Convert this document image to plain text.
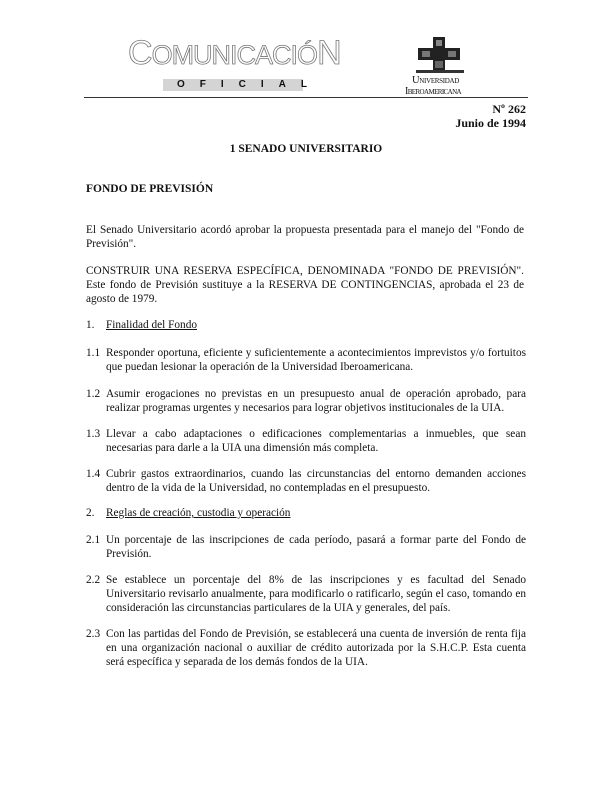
COMUNICACIÓN
OFICIAL	Universidad
Iberoamericana
Nº 262
Junio de 1994
1 SENADO UNIVERSITARIO
FONDO DE PREVISIÓN
El Senado Universitario acordó aprobar la propuesta presentada para el manejo del "Fondo de Previsión".
CONSTRUIR UNA RESERVA ESPECÍFICA, DENOMINADA "FONDO DE PREVISIÓN". Este fondo de Previsión sustituye a la RESERVA DE CONTINGENCIAS, aprobada el 23 de agosto de 1979.
1. Finalidad del Fondo
1.1 Responder oportuna, eficiente y suficientemente a acontecimientos imprevistos y/o fortuitos que puedan lesionar la operación de la Universidad Iberoamericana.
1.2 Asumir erogaciones no previstas en un presupuesto anual de operación aprobado, para realizar programas urgentes y necesarios para lograr objetivos institucionales de la UIA.
1.3 Llevar a cabo adaptaciones o edificaciones complementarias a inmuebles, que sean necesarias para darle a la UIA una dimensión más completa.
1.4 Cubrir gastos extraordinarios, cuando las circunstancias del entorno demanden acciones dentro de la vida de la Universidad, no contempladas en el presupuesto.
2. Reglas de creación, custodia y operación
2.1 Un porcentaje de las inscripciones de cada período, pasará a formar parte del Fondo de Previsión.
2.2 Se establece un porcentaje del 8% de las inscripciones y es facultad del Senado Universitario revisarlo anualmente, para modificarlo o ratificarlo, según el caso, tomando en consideración las circunstancias particulares de la UIA y generales, del país.
2.3 Con las partidas del Fondo de Previsión, se establecerá una cuenta de inversión de renta fija en una organización nacional o auxiliar de crédito autorizada por la S.H.C.P. Esta cuenta será específica y separada de los demás fondos de la UIA.
